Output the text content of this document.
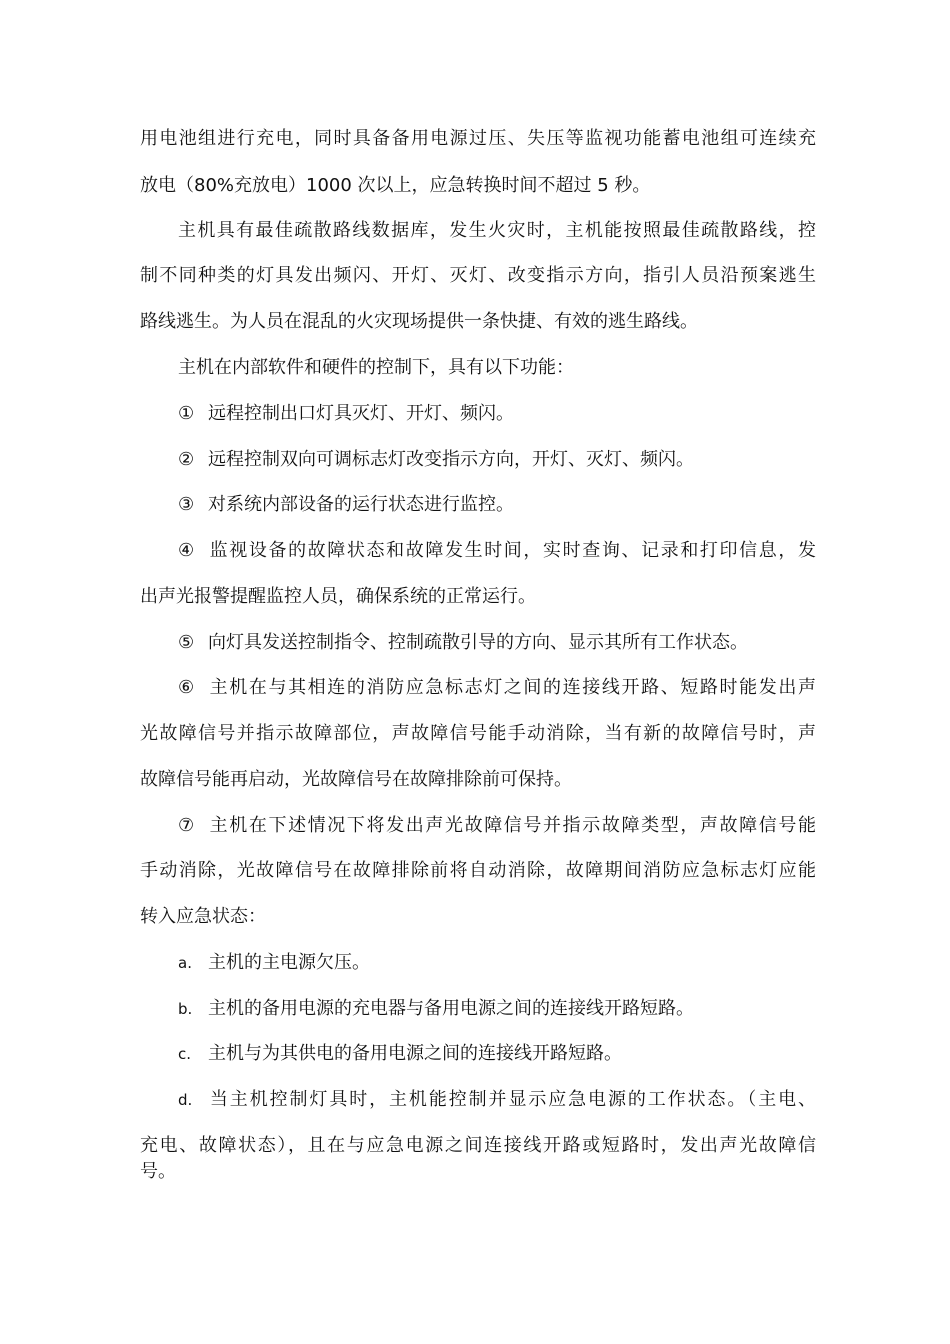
用电池组进行充电，同时具备备用电源过压、失压等监视功能蓄电池组可连续充
放电（80%充放电）1000 次以上，应急转换时间不超过 5 秒。
主机具有最佳疏散路线数据库，发生火灾时，主机能按照最佳疏散路线，控
制不同种类的灯具发出频闪、开灯、灭灯、改变指示方向，指引人员沿预案逃生
路线逃生。为人员在混乱的火灾现场提供一条快捷、有效的逃生路线。
主机在内部软件和硬件的控制下，具有以下功能：
① 远程控制出口灯具灭灯、开灯、频闪。
② 远程控制双向可调标志灯改变指示方向，开灯、灭灯、频闪。
③ 对系统内部设备的运行状态进行监控。
④ 监视设备的故障状态和故障发生时间，实时查询、记录和打印信息，发
出声光报警提醒监控人员，确保系统的正常运行。
⑤ 向灯具发送控制指令、控制疏散引导的方向、显示其所有工作状态。
⑥ 主机在与其相连的消防应急标志灯之间的连接线开路、短路时能发出声
光故障信号并指示故障部位，声故障信号能手动消除，当有新的故障信号时，声
故障信号能再启动，光故障信号在故障排除前可保持。
⑦ 主机在下述情况下将发出声光故障信号并指示故障类型，声故障信号能
手动消除，光故障信号在故障排除前将自动消除，故障期间消防应急标志灯应能
转入应急状态：
a. 主机的主电源欠压。
b. 主机的备用电源的充电器与备用电源之间的连接线开路短路。
c. 主机与为其供电的备用电源之间的连接线开路短路。
d. 当主机控制灯具时，主机能控制并显示应急电源的工作状态。（主电、
充电、故障状态），且在与应急电源之间连接线开路或短路时，发出声光故障信
号。
